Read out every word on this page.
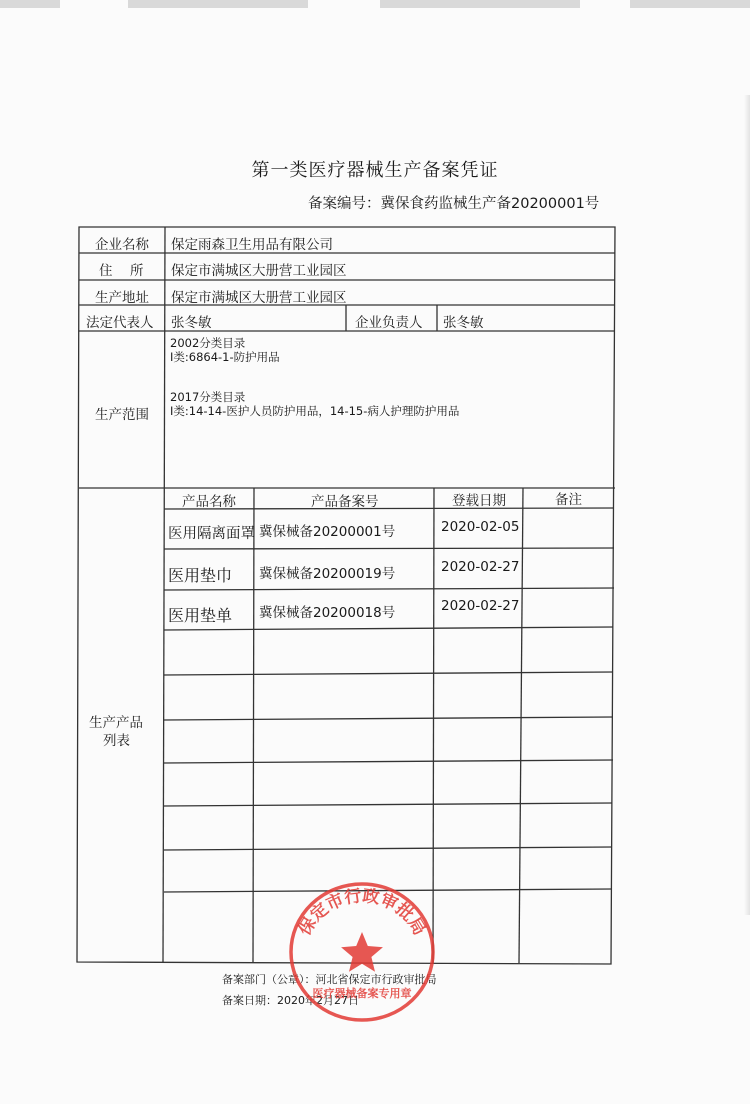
第一类医疗器械生产备案凭证
备案编号：冀保食药监械生产备20200001号
企业名称 保定雨森卫生用品有限公司
住　所 保定市满城区大册营工业园区
生产地址 保定市满城区大册营工业园区
法定代表人 张冬敏	企业负责人 张冬敏
生产范围
2002分类目录
Ⅰ类:6864-1-防护用品
2017分类目录
Ⅰ类:14-14-医护人员防护用品，14-15-病人护理防护用品
生产产品
列表
产品名称	产品备案号	登载日期	备注
医用隔离面罩 冀保械备20200001号	2020-02-05
医用垫巾 冀保械备20200019号	2020-02-27
医用垫单 冀保械备20200018号	2020-02-27
备案部门（公章）：河北省保定市行政审批局
备案日期：2020年2月27日
保定市行政审批局
医疗器械备案专用章
